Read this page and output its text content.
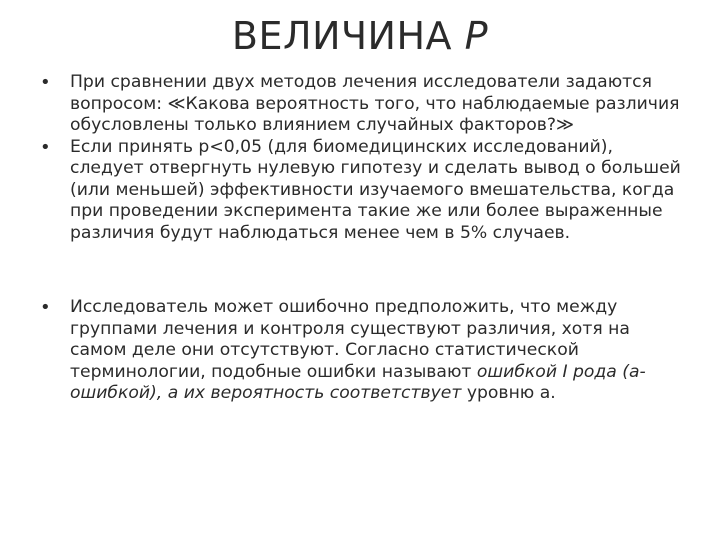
ВЕЛИЧИНА Р

•	При сравнении двух методов лечения исследователи задаются вопросом: ≪Какова вероятность того, что наблюдаемые различия обусловлены только влиянием случайных факторов?≫

•	Если принять p<0,05 (для биомедицинских исследований), следует отвергнуть нулевую гипотезу и сделать вывод о большей (или меньшей) эффективности изучаемого вмешательства, когда при проведении эксперимента такие же или более выраженные различия будут наблюдаться менее чем в 5% случаев.

•	Исследователь может ошибочно предположить, что между группами лечения и контроля существуют различия, хотя на самом деле они отсутствуют. Согласно статистической терминологии, подобные ошибки называют ошибкой I рода (а-ошибкой), а их вероятность соответствует уровню а.
